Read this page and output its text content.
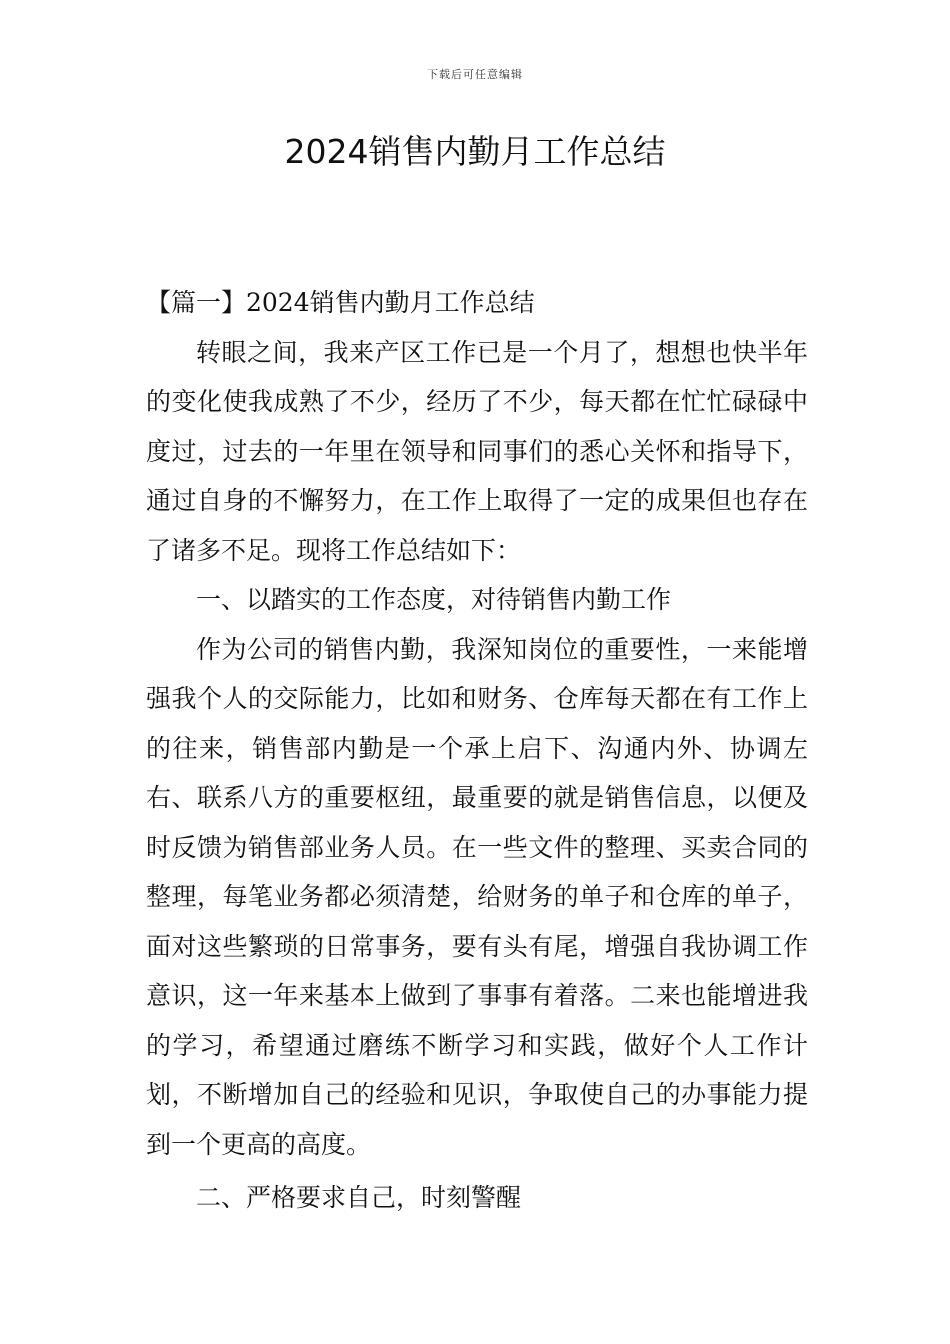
下载后可任意编辑
2024销售内勤月工作总结

【篇一】2024销售内勤月工作总结

转眼之间，我来产区工作已是一个月了，想想也快半年的变化使我成熟了不少，经历了不少，每天都在忙忙碌碌中度过，过去的一年里在领导和同事们的悉心关怀和指导下，通过自身的不懈努力，在工作上取得了一定的成果但也存在了诸多不足。现将工作总结如下：

一、以踏实的工作态度，对待销售内勤工作

作为公司的销售内勤，我深知岗位的重要性，一来能增强我个人的交际能力，比如和财务、仓库每天都在有工作上的往来，销售部内勤是一个承上启下、沟通内外、协调左右、联系八方的重要枢纽，最重要的就是销售信息，以便及时反馈为销售部业务人员。在一些文件的整理、买卖合同的整理，每笔业务都必须清楚，给财务的单子和仓库的单子，面对这些繁琐的日常事务，要有头有尾，增强自我协调工作意识，这一年来基本上做到了事事有着落。二来也能增进我的学习，希望通过磨练不断学习和实践，做好个人工作计划，不断增加自己的经验和见识，争取使自己的办事能力提到一个更高的高度。

二、严格要求自己，时刻警醒
